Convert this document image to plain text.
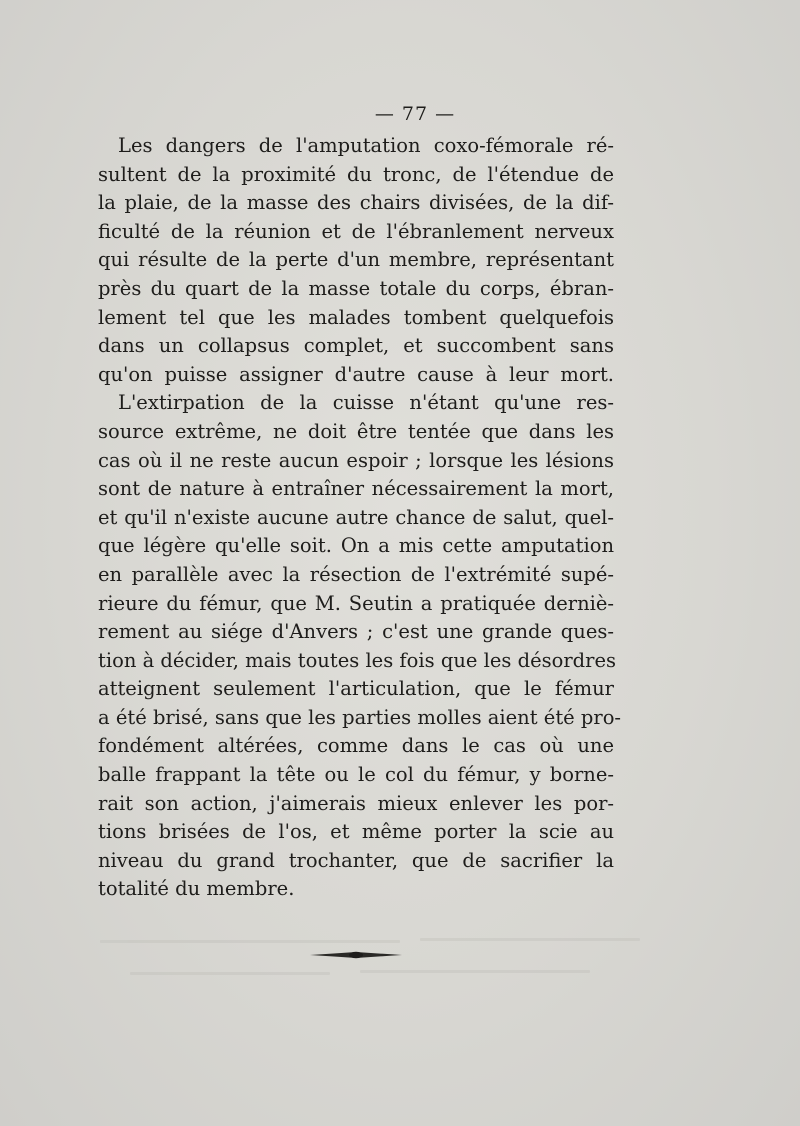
— 77 —
Les dangers de l'amputation coxo-fémorale ré-
sultent de la proximité du tronc, de l'étendue de
la plaie, de la masse des chairs divisées, de la dif-
ficulté de la réunion et de l'ébranlement nerveux
qui résulte de la perte d'un membre, représentant
près du quart de la masse totale du corps, ébran-
lement tel que les malades tombent quelquefois
dans un collapsus complet, et succombent sans
qu'on puisse assigner d'autre cause à leur mort.
L'extirpation de la cuisse n'étant qu'une res-
source extrême, ne doit être tentée que dans les
cas où il ne reste aucun espoir ; lorsque les lésions
sont de nature à entraîner nécessairement la mort,
et qu'il n'existe aucune autre chance de salut, quel-
que légère qu'elle soit. On a mis cette amputation
en parallèle avec la résection de l'extrémité supé-
rieure du fémur, que M. Seutin a pratiquée derniè-
rement au siége d'Anvers ; c'est une grande ques-
tion à décider, mais toutes les fois que les désordres
atteignent seulement l'articulation, que le fémur
a été brisé, sans que les parties molles aient été pro-
fondément altérées, comme dans le cas où une
balle frappant la tête ou le col du fémur, y borne-
rait son action, j'aimerais mieux enlever les por-
tions brisées de l'os, et même porter la scie au
niveau du grand trochanter, que de sacrifier la
totalité du membre.
